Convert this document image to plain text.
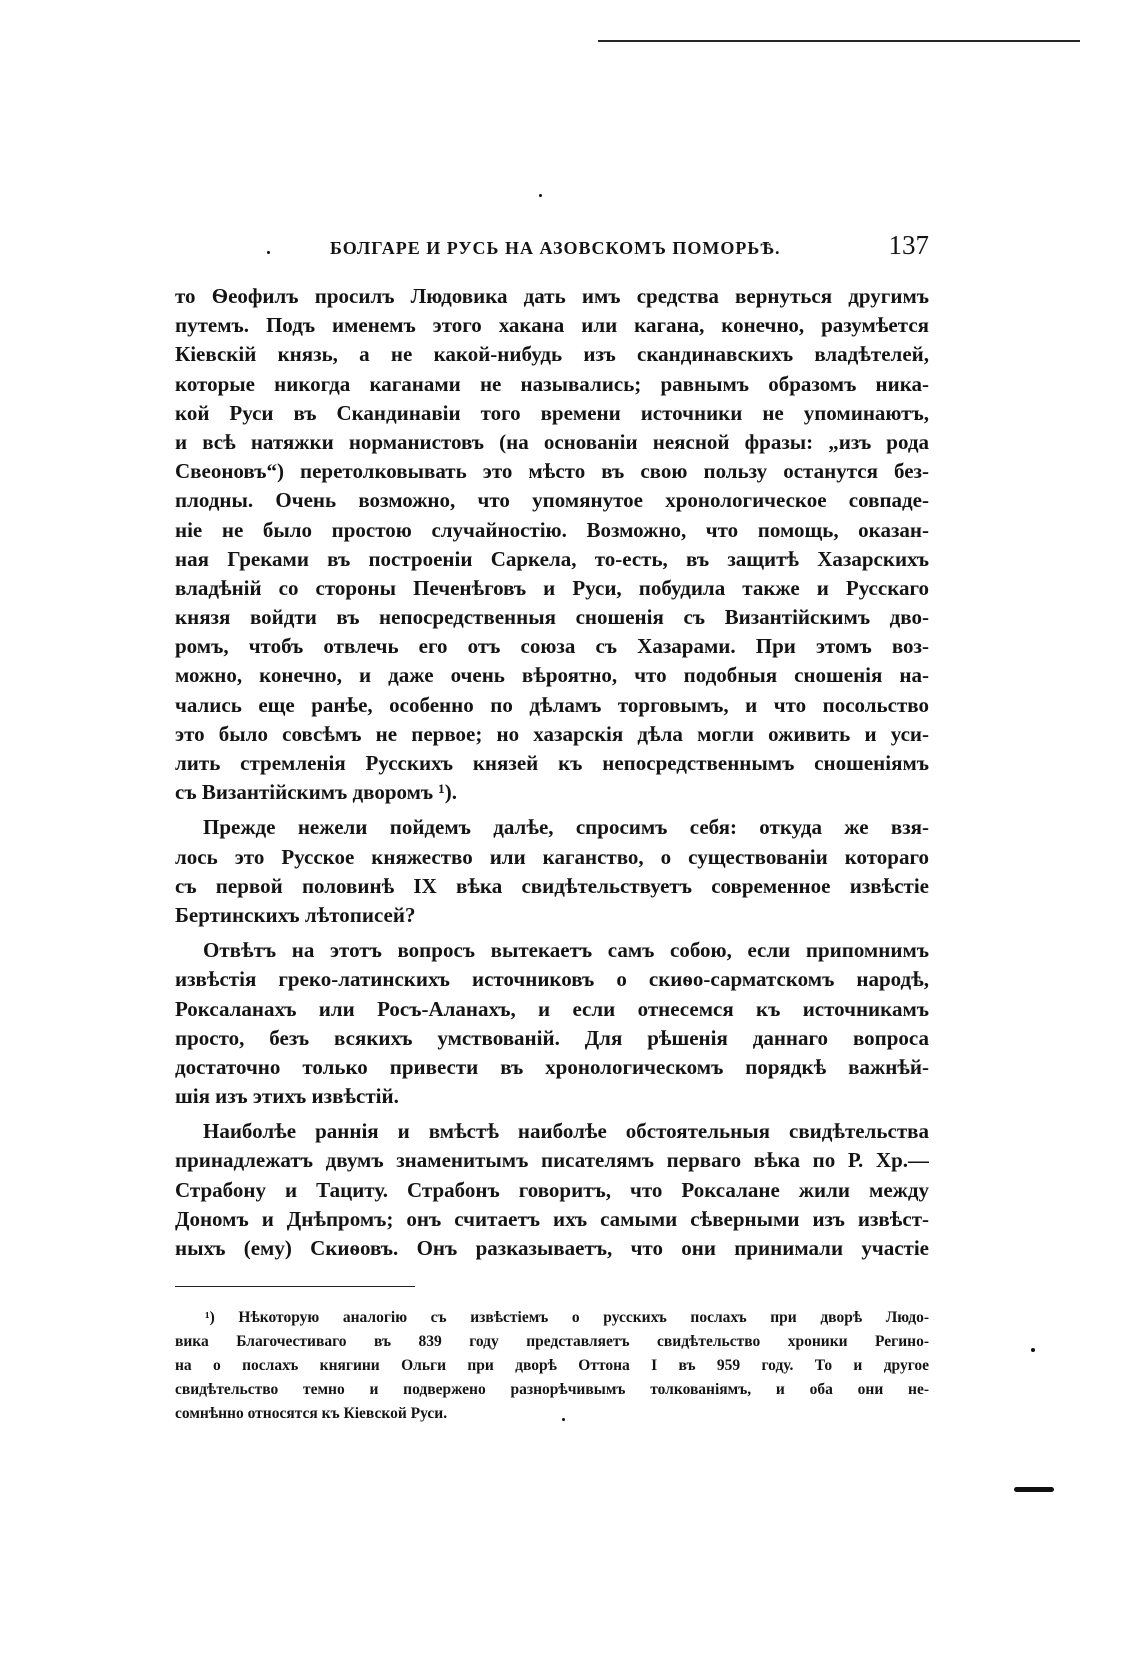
БОЛГАРЕ И РУСЬ НА АЗОВСКОМЪ ПОМОРЬѢ.	137
то Ѳеофилъ просилъ Людовика дать имъ средства вернуться другимъ
путемъ. Подъ именемъ этого хакана или кагана, конечно, разумѣется
Кіевскій князь, а не какой-нибудь изъ скандинавскихъ владѣтелей,
которые никогда каганами не называлиcь; равнымъ образомъ ника-
кой Руси въ Скандинавіи того времени источники не упоминаютъ,
и всѣ натяжки норманистовъ (на основаніи неясной фразы: „изъ рода
Свеоновъ“) перетолковывать это мѣсто въ свою пользу останутся без-
плодны. Очень возможно, что упомянутое хронологическое совпаде-
ніе не было простою случайностію. Возможно, что помощь, оказан-
ная Греками въ построеніи Саркела, то-есть, въ защитѣ Хазарскихъ
владѣній со стороны Печенѣговъ и Руси, побудила также и Русскаго
князя войдти въ непосредственныя сношенія съ Византійскимъ дво-
ромъ, чтобъ отвлечь его отъ союза съ Хазарами. При этомъ воз-
можно, конечно, и даже очень вѣроятно, что подобныя сношенія на-
чались еще ранѣе, особенно по дѣламъ торговымъ, и что посольство
это было совсѣмъ не первое; но хазарскія дѣла могли оживить и уси-
лить стремленія Русскихъ князей къ непосредственнымъ сношеніямъ
съ Византійскимъ дворомъ ¹).
Прежде нежели пойдемъ далѣе, спросимъ себя: откуда же взя-
лось это Русское княжество или каганство, о существованіи котораго
съ первой половинѣ IX вѣка свидѣтельствуетъ современное извѣстіе
Бертинскихъ лѣтописей?
Отвѣтъ на этотъ вопросъ вытекаетъ самъ собою, если припомнимъ
извѣстія греко-латинскихъ источниковъ о скиѳо-сарматскомъ народѣ,
Роксаланахъ или Росъ-Аланахъ, и если отнесемся къ источникамъ
просто, безъ всякихъ умствованій. Для рѣшенія даннаго вопроса
достаточно только привести въ хронологическомъ порядкѣ важнѣй-
шія изъ этихъ извѣстій.
Наиболѣе раннія и вмѣстѣ наиболѣе обстоятельныя свидѣтельства
принадлежатъ двумъ знаменитымъ писателямъ перваго вѣка по Р. Хр.—
Страбону и Тациту. Страбонъ говоритъ, что Роксалане жили между
Дономъ и Днѣпромъ; онъ считаетъ ихъ самыми сѣверными изъ извѣст-
ныхъ (ему) Скиѳовъ. Онъ разказываетъ, что они принимали участіе
¹) Нѣкоторую аналогію съ извѣстіемъ о русскихъ послахъ при дворѣ Людо-
вика Благочестиваго въ 839 году представляетъ свидѣтельство хроники Регино-
на о послахъ княгини Ольги при дворѣ Оттона I въ 959 году. То и другое
свидѣтельство темно и подвержено разнорѣчивымъ толкованіямъ, и оба они не-
сомнѣнно относятся къ Кіевской Руси.
